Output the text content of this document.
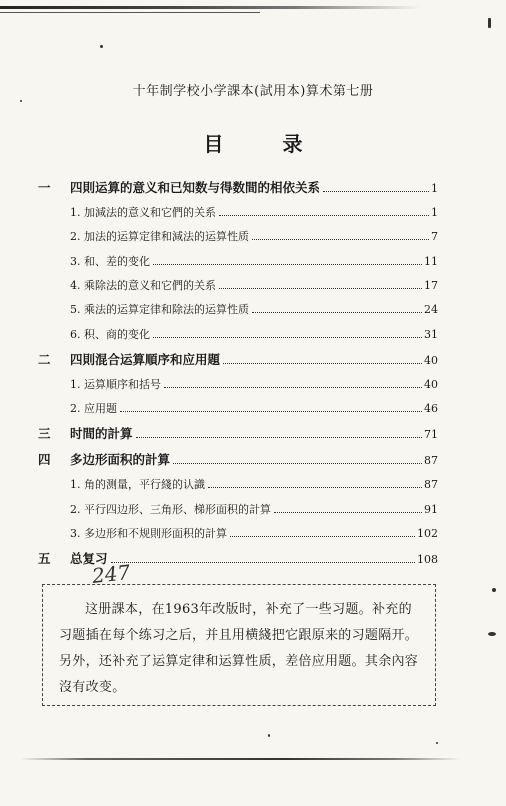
十年制学校小学課本(試用本)算术第七册
目 录
一	四則运算的意义和已知数与得数間的相依关系	1
1. 加減法的意义和它們的关系	1
2. 加法的运算定律和減法的运算性质	7
3. 和、差的变化	11
4. 乘除法的意义和它們的关系	17
5. 乘法的运算定律和除法的运算性质	24
6. 积、商的变化	31
二	四則混合运算順序和应用題	40
1. 运算順序和括号	40
2. 应用题	46
三	时間的計算	71
四	多边形面积的計算	87
1. 角的测量，平行綫的认識	87
2. 平行四边形、三角形、梯形面积的計算	91
3. 多边形和不规則形面积的計算	102
五	总复习	108
247

这册課本，在1963年改版时，补充了一些习题。补充的习题插在每个练习之后，并且用横綫把它跟原来的习题隔开。另外，还补充了运算定律和运算性质，差倍应用题。其余內容沒有改变。
